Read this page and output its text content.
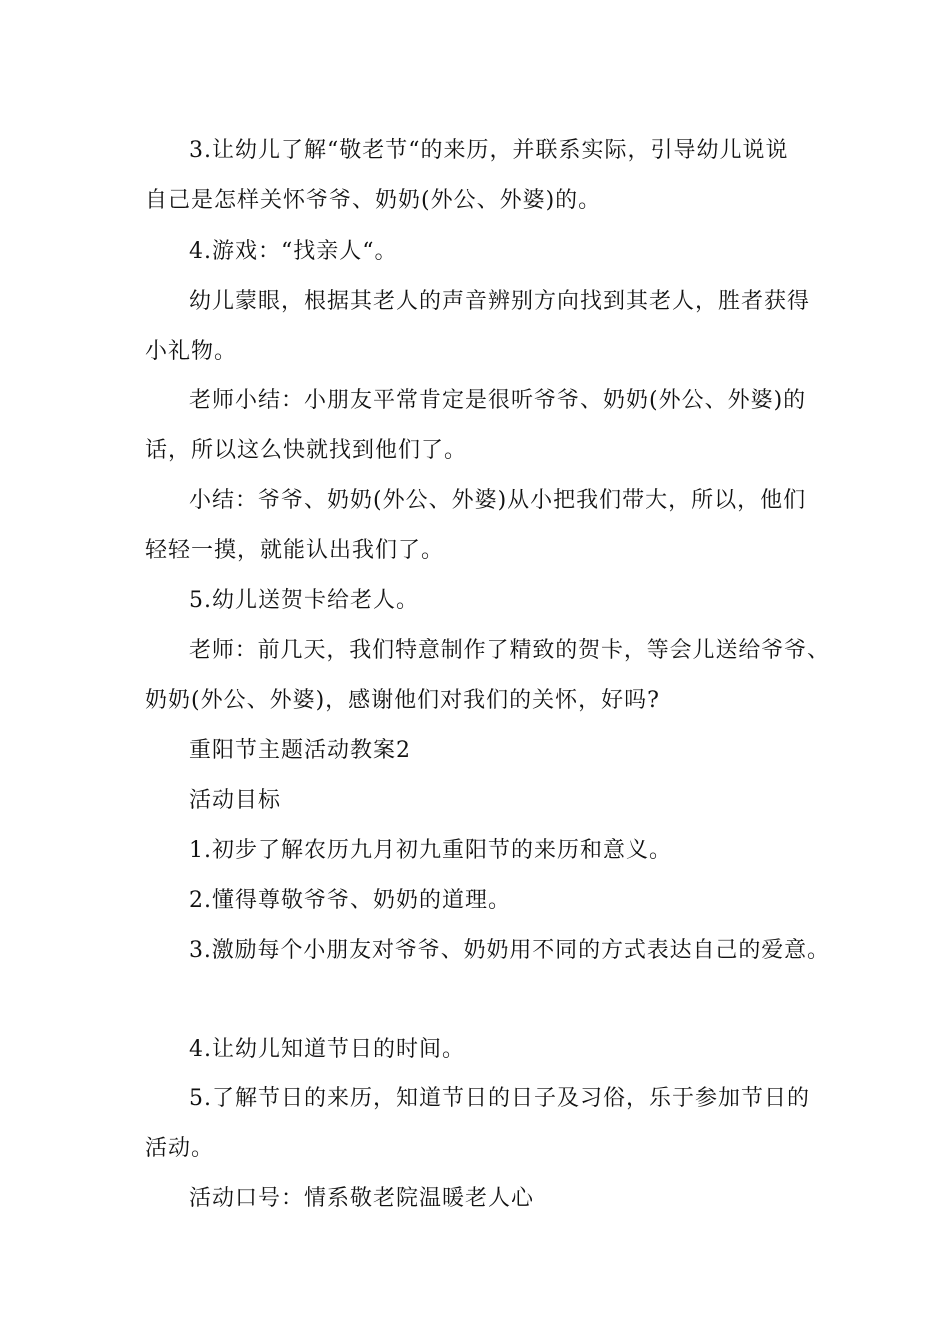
3.让幼儿了解“敬老节“的来历，并联系实际，引导幼儿说说
自己是怎样关怀爷爷、奶奶(外公、外婆)的。
4.游戏：“找亲人“。
幼儿蒙眼，根据其老人的声音辨别方向找到其老人，胜者获得
小礼物。
老师小结：小朋友平常肯定是很听爷爷、奶奶(外公、外婆)的
话，所以这么快就找到他们了。
小结：爷爷、奶奶(外公、外婆)从小把我们带大，所以，他们
轻轻一摸，就能认出我们了。
5.幼儿送贺卡给老人。
老师：前几天，我们特意制作了精致的贺卡，等会儿送给爷爷、
奶奶(外公、外婆)，感谢他们对我们的关怀，好吗?
重阳节主题活动教案2
活动目标
1.初步了解农历九月初九重阳节的来历和意义。
2.懂得尊敬爷爷、奶奶的道理。
3.激励每个小朋友对爷爷、奶奶用不同的方式表达自己的爱意。
4.让幼儿知道节日的时间。
5.了解节日的来历，知道节日的日子及习俗，乐于参加节日的
活动。
活动口号：情系敬老院温暖老人心
